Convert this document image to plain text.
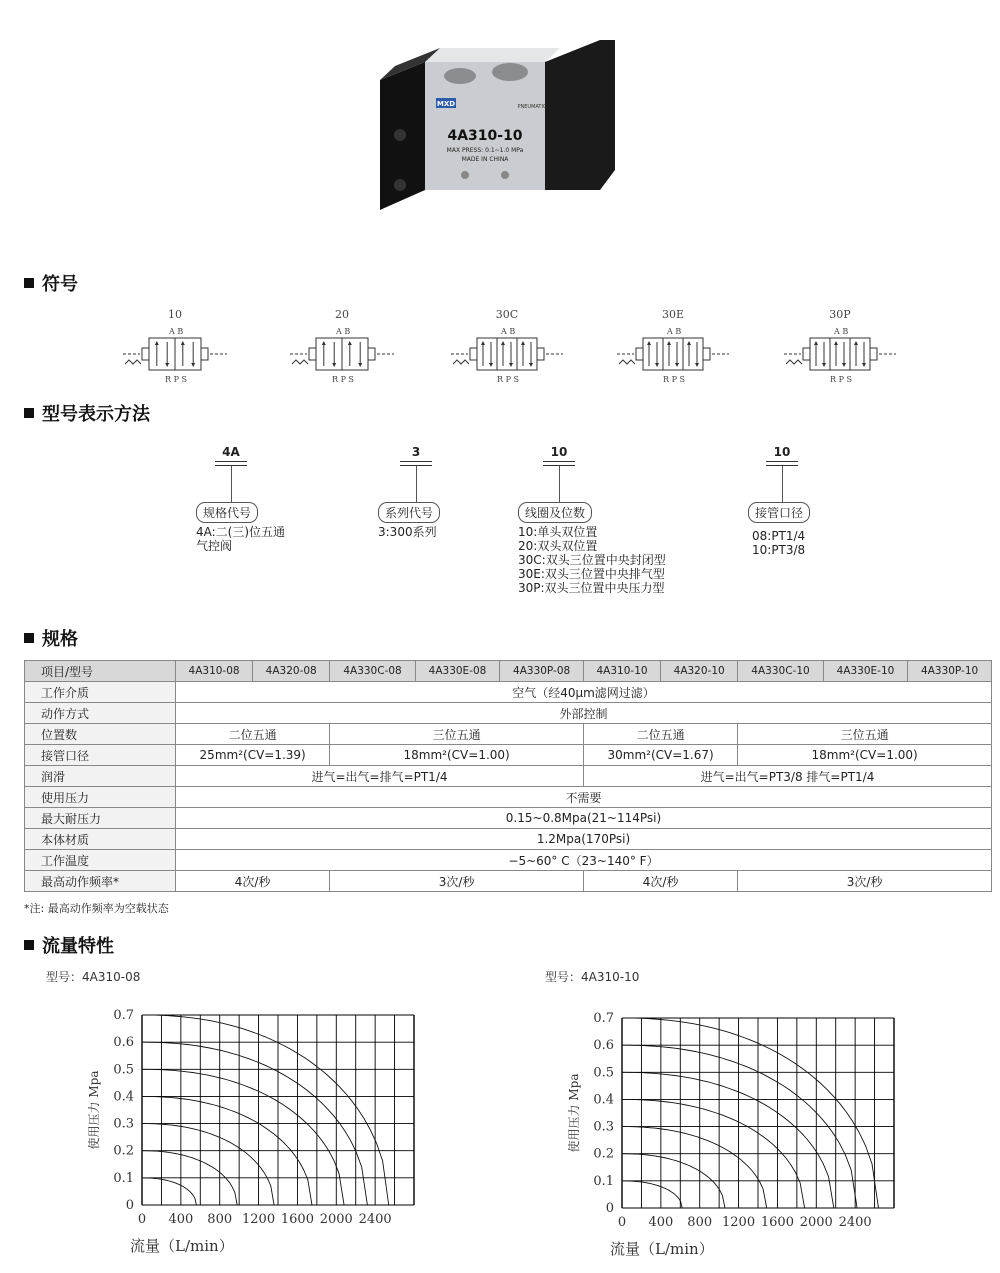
MXD	PNEUMATIC
4A310-10
MAX PRESS: 0.1~1.0 MPa
MADE IN CHINA
符号
10
A B
R P S
20
A B
R P S
30C
A B
R P S
30E
A B
R P S
30P
A B
R P S
型号表示方法
4A
规格代号
4A:二(三)位五通
气控阀
3
系列代号
3:300系列
10
线圈及位数
10:单头双位置
20:双头双位置
30C:双头三位置中央封闭型
30E:双头三位置中央排气型
30P:双头三位置中央压力型
10
接管口径
08:PT1/4
10:PT3/8
规格
项目/型号	4A310-08	4A320-08	4A330C-08	4A330E-08	4A330P-08	4A310-10	4A320-10	4A330C-10	4A330E-10	4A330P-10
工作介质	空气（经40μm滤网过滤）									
动作方式	外部控制									
位置数	二位五通		三位五通			二位五通		三位五通		
接管口径	25mm²(CV=1.39)		18mm²(CV=1.00)			30mm²(CV=1.67)		18mm²(CV=1.00)		
润滑	进气=出气=排气=PT1/4					进气=出气=PT3/8 排气=PT1/4				
使用压力	不需要									
最大耐压力	0.15~0.8Mpa(21~114Psi)									
本体材质	1.2Mpa(170Psi)									
工作温度	−5~60° C（23~140° F）									
最高动作频率*	4次/秒		3次/秒			4次/秒		3次/秒		
*注: 最高动作频率为空载状态
流量特性
型号：4A310-08	型号：4A310-10
0
0.1
0.2
0.3
0.4
0.5
0.6
0.7
0 400 800 1200 1600 2000 2400
使用压力 Mpa
流量（L/min）
0
0.1
0.2
0.3
0.4
0.5
0.6
0.7
0 400 800 1200 1600 2000 2400
使用压力 Mpa
流量（L/min）
